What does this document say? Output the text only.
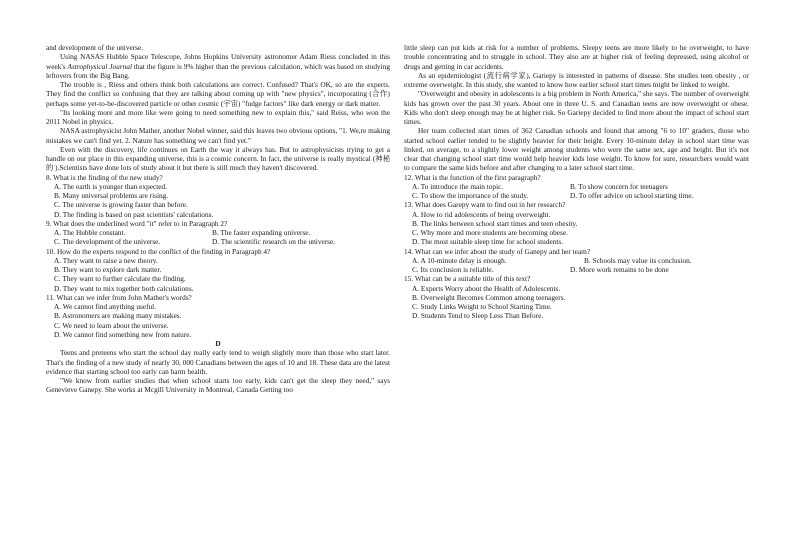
and development of the universe.

Using NASAS Hubble Space Telescope, Johns Hopkins University astronomer Adam Riess concluded in this week's Astrophysical Journal that the figure is 9% higher than the previous calculation, which was based on studying leftovers from the Big Bang.

The trouble is , Riess and others think both calculations are correct. Confused? That's OK, so are the experts. They find the conflict so confusing that they are talking about coming up with "new physics", incorporating (合作) perhaps some yet-to-be-discovered particle or other cosmic (宇宙) "fudge factors" like dark energy or dark matter.

"Its looking more and more like were going to need something new to explain this," said Reiss, who won the 2011 Nobel in physics.

NASA astrophysicist John Mather, another Nobel winner, said this leaves two obvious options, "1. We,re making mistakes we can't find yet. 2. Nature has something we can't find yet."

Even with the discovery, life continues on Earth the way it always has. But to astrophysicists trying to get a handle on our place in this expanding universe, this is a cosmic concern. In fact, the universe is really mystical (神秘的 ).Scientists have done lots of study about it but there is still much they haven't discovered.

8. What is the finding of the new study?

A. The earth is younger than expected.

B. Many universal problems are rising.

C. The universe is growing faster than before.

D. The finding is based on past scientists' calculations.

9. What does the underlined word "it" refer to in Paragraph 2?

A. The Hubble constant.	B. The faster expanding universe.
C. The development of the universe.	D. The scientific research on the universe.

10. How do the experts respond to the conflict of the finding in Paragraph 4?

A. They want to raise a new theory.

B. They want to explore dark matter.

C. They want to further calculate the finding.

D. They want to mix together both calculations.

11. What can we infer from John Mather's words?

A. We cannot find anything useful.

B. Astronomers are making many mistakes.

C. We need to learn about the universe.

D. We cannot find something new from nature.

D

Teens and preteens who start the school day really early tend to weigh slightly more than those who start later. That's the finding of a new study of nearly 30, 000 Canadians between the ages of 10 and 18. These data are the latest evidence that starting school too early can harm health.

"We know from earlier studies that when school starts too early, kids can't get the sleep they need," says Genevieve Ganepy. She works at Mcgill University in Montreal, Canada Getting too

little sleep can put kids at risk for a number of problems. Sleepy teens are more likely to be overweight, to have trouble concentrating and to struggle in school. They also are at higher risk of feeling depressed, using alcohol or drugs and getting in car accidents.

As an epidemiologist (流行病学家), Gariepy is interested in patterns of disease. She studies teen obesity , or extreme overweight. In this study, she wanted to know how earlier school start times might be linked to weight.

"Overweight and obesity in adolescents is a big problem in North America," she says. The number of overweight kids has grown over the past 30 years. About one in three U. S. and Canadian teens are now overweight or obese. Kids who don't sleep enough may be at higher risk. So Gariepy decided to find more about the impact of school start times.

Her team collected start times of 362 Canadian schools and found that among "6 to 10" graders, those who started school earlier tended to be slightly heavier for their height. Every 10-minute delay in school start time was linked, on average, to a slightly lower weight among students who were the same sex, age and height. But it's not clear that changing school start time would help heavier kids lose weight. To know for sure, researchers would want to compare the same kids before and after changing to a later school start time.

12. What is the function of the first paragraph?

A. To introduce the main topic.	B. To show concern for teenagers
C. To show the importance of the study.	D. To offer advice on school starting time.

13. What does Garepy want to find out in her research?

A. How to rid adolescents of being overweight.

B. The links between school start times and teen obesity.

C. Why more and more students are becoming obese.

D. The most suitable sleep time for school students.

14. What can we infer about the study of Ganepy and her team?

A. A 10-minute delay is enough.	B. Schools may value its conclusion.
C. Its conclusion is reliable.	D. More work remains to be done

15. What can be a suitable title of this text?

A. Experts Worry about the Health of Adolescents.

B. Overweight Becomes Common among teenagers.

C. Study Links Weight to School Starting Time.

D. Students Tend to Sleep Less Than Before.
